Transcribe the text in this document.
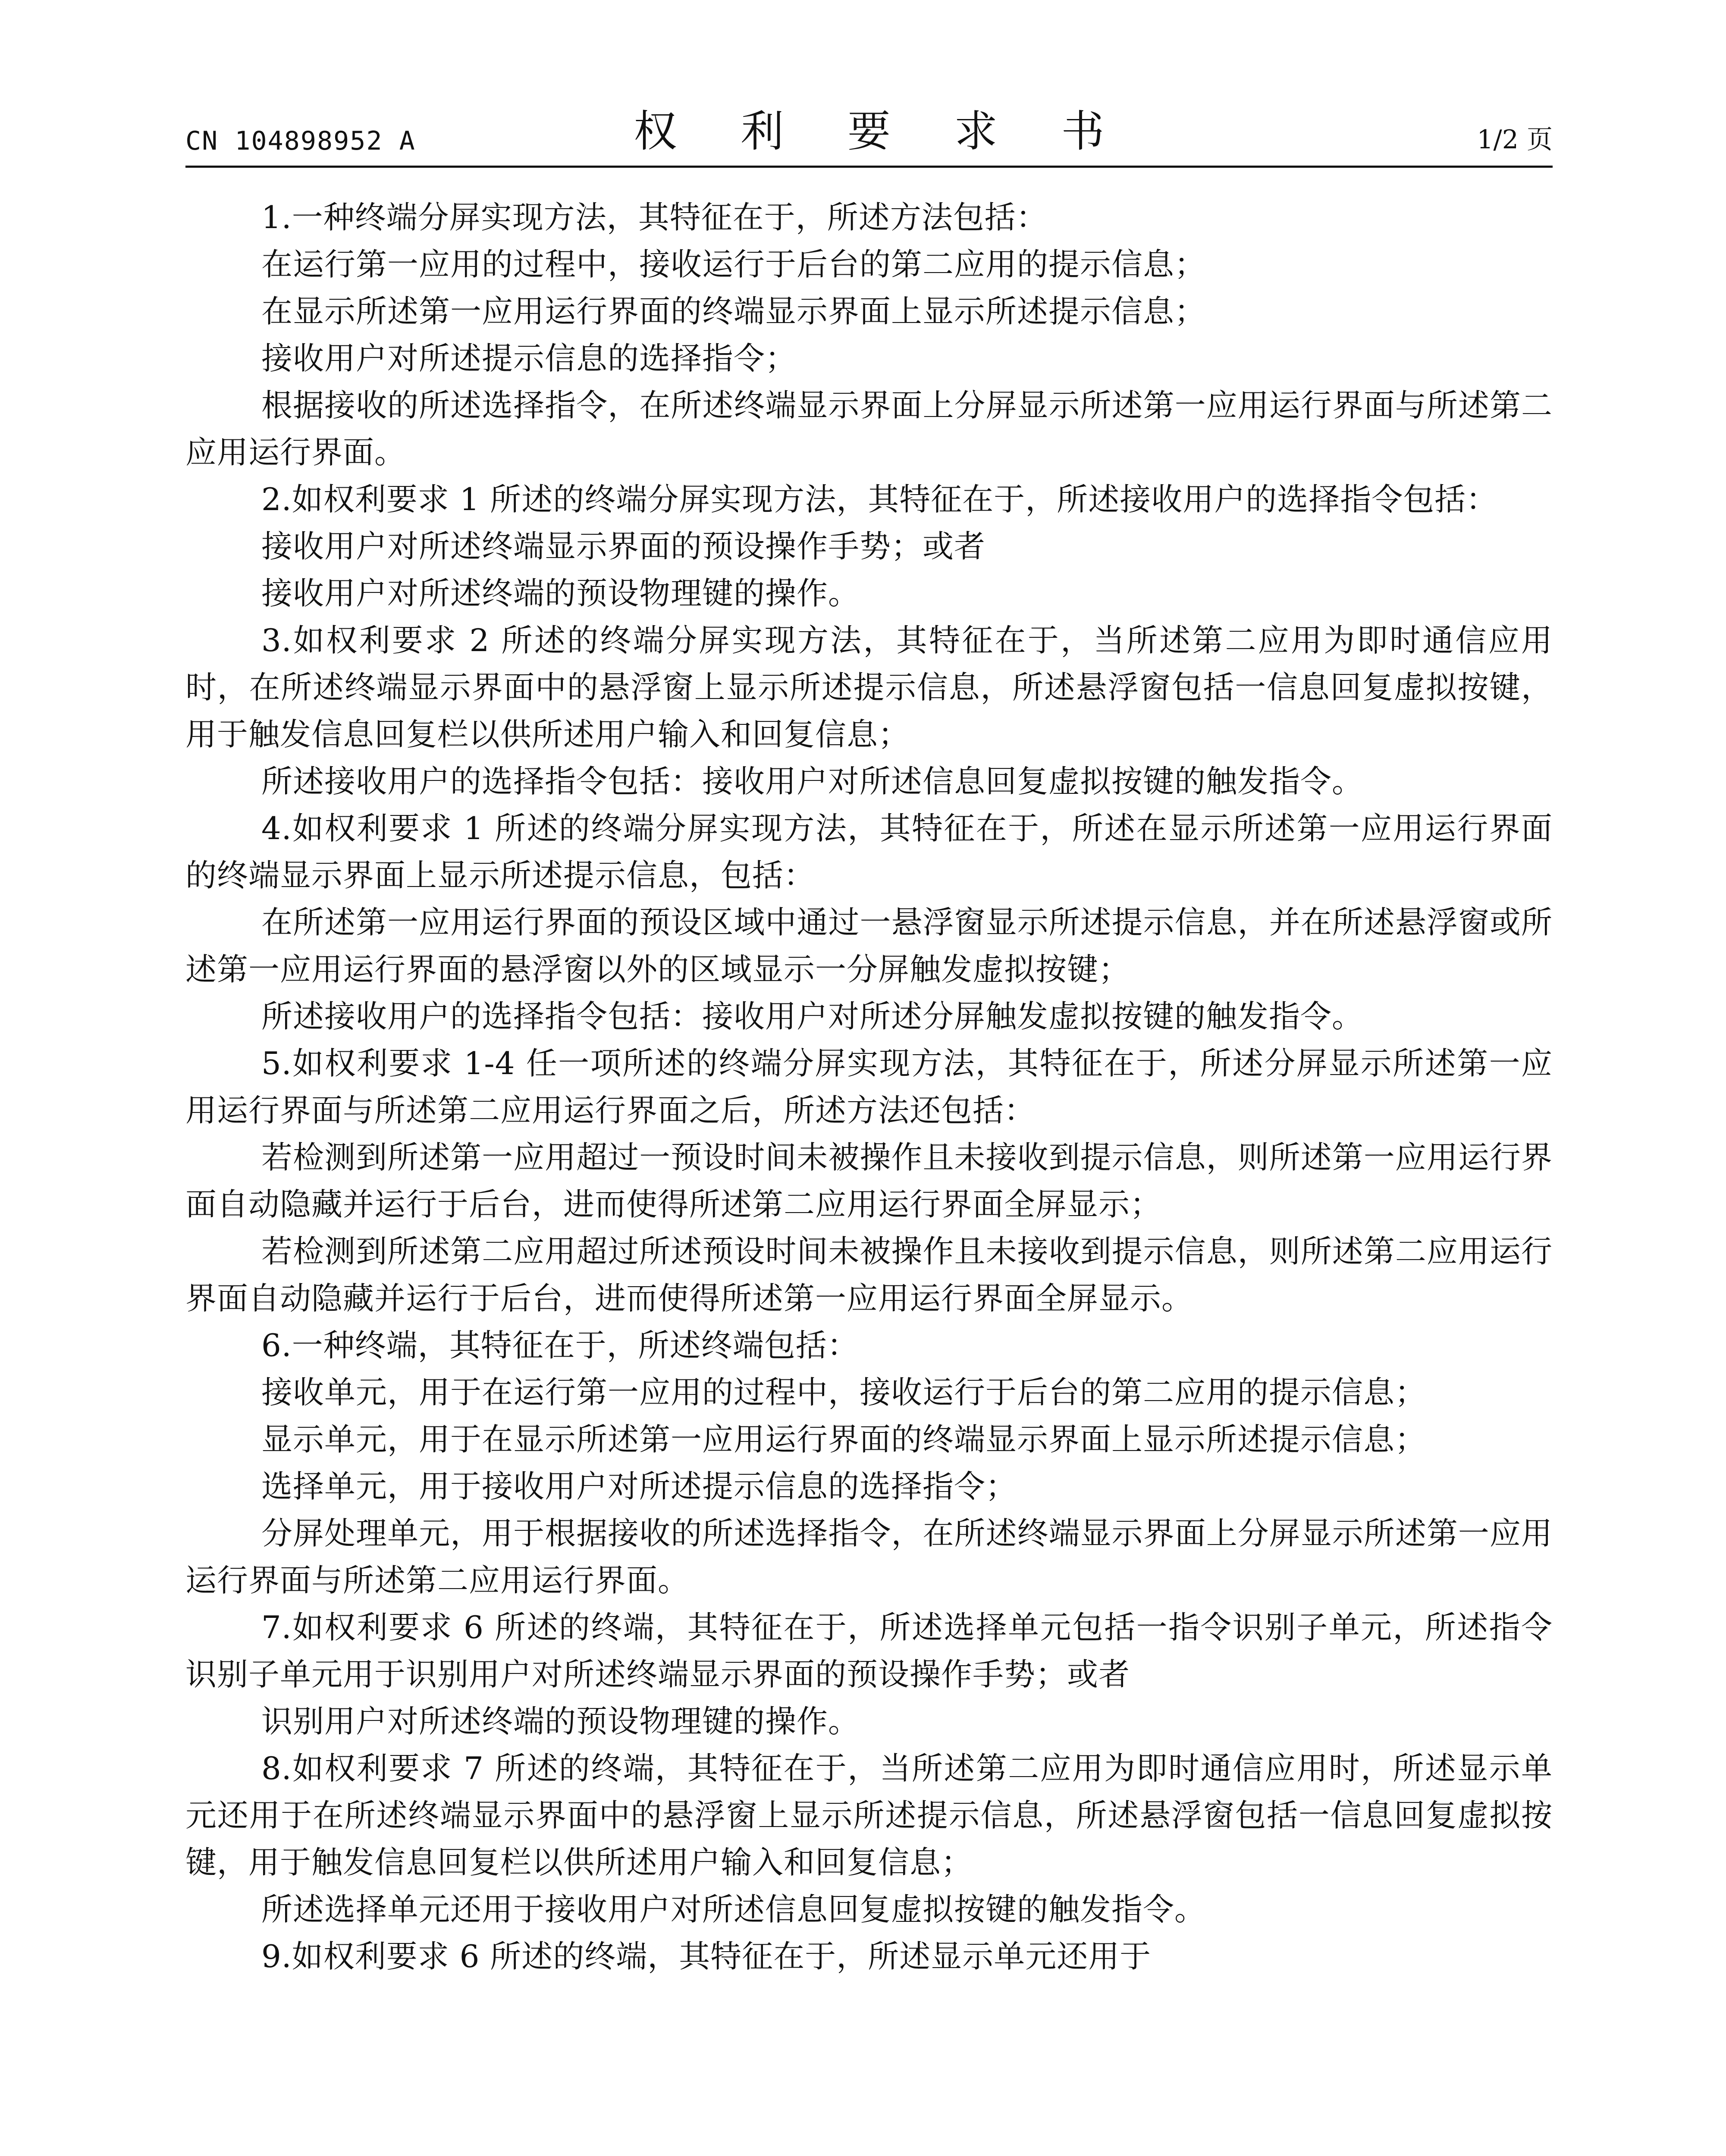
CN 104898952 A	权 利 要 求 书	1/2 页

1.一种终端分屏实现方法，其特征在于，所述方法包括：

在运行第一应用的过程中，接收运行于后台的第二应用的提示信息；

在显示所述第一应用运行界面的终端显示界面上显示所述提示信息；

接收用户对所述提示信息的选择指令；

根据接收的所述选择指令，在所述终端显示界面上分屏显示所述第一应用运行界面与所述第二应用运行界面。

2.如权利要求 1 所述的终端分屏实现方法，其特征在于，所述接收用户的选择指令包括：

接收用户对所述终端显示界面的预设操作手势；或者

接收用户对所述终端的预设物理键的操作。

3.如权利要求 2 所述的终端分屏实现方法，其特征在于，当所述第二应用为即时通信应用时，在所述终端显示界面中的悬浮窗上显示所述提示信息，所述悬浮窗包括一信息回复虚拟按键，用于触发信息回复栏以供所述用户输入和回复信息；

所述接收用户的选择指令包括：接收用户对所述信息回复虚拟按键的触发指令。

4.如权利要求 1 所述的终端分屏实现方法，其特征在于，所述在显示所述第一应用运行界面的终端显示界面上显示所述提示信息，包括：

在所述第一应用运行界面的预设区域中通过一悬浮窗显示所述提示信息，并在所述悬浮窗或所述第一应用运行界面的悬浮窗以外的区域显示一分屏触发虚拟按键；

所述接收用户的选择指令包括：接收用户对所述分屏触发虚拟按键的触发指令。

5.如权利要求 1-4 任一项所述的终端分屏实现方法，其特征在于，所述分屏显示所述第一应用运行界面与所述第二应用运行界面之后，所述方法还包括：

若检测到所述第一应用超过一预设时间未被操作且未接收到提示信息，则所述第一应用运行界面自动隐藏并运行于后台，进而使得所述第二应用运行界面全屏显示；

若检测到所述第二应用超过所述预设时间未被操作且未接收到提示信息，则所述第二应用运行界面自动隐藏并运行于后台，进而使得所述第一应用运行界面全屏显示。

6.一种终端，其特征在于，所述终端包括：

接收单元，用于在运行第一应用的过程中，接收运行于后台的第二应用的提示信息；

显示单元，用于在显示所述第一应用运行界面的终端显示界面上显示所述提示信息；

选择单元，用于接收用户对所述提示信息的选择指令；

分屏处理单元，用于根据接收的所述选择指令，在所述终端显示界面上分屏显示所述第一应用运行界面与所述第二应用运行界面。

7.如权利要求 6 所述的终端，其特征在于，所述选择单元包括一指令识别子单元，所述指令识别子单元用于识别用户对所述终端显示界面的预设操作手势；或者

识别用户对所述终端的预设物理键的操作。

8.如权利要求 7 所述的终端，其特征在于，当所述第二应用为即时通信应用时，所述显示单元还用于在所述终端显示界面中的悬浮窗上显示所述提示信息，所述悬浮窗包括一信息回复虚拟按键，用于触发信息回复栏以供所述用户输入和回复信息；

所述选择单元还用于接收用户对所述信息回复虚拟按键的触发指令。

9.如权利要求 6 所述的终端，其特征在于，所述显示单元还用于
